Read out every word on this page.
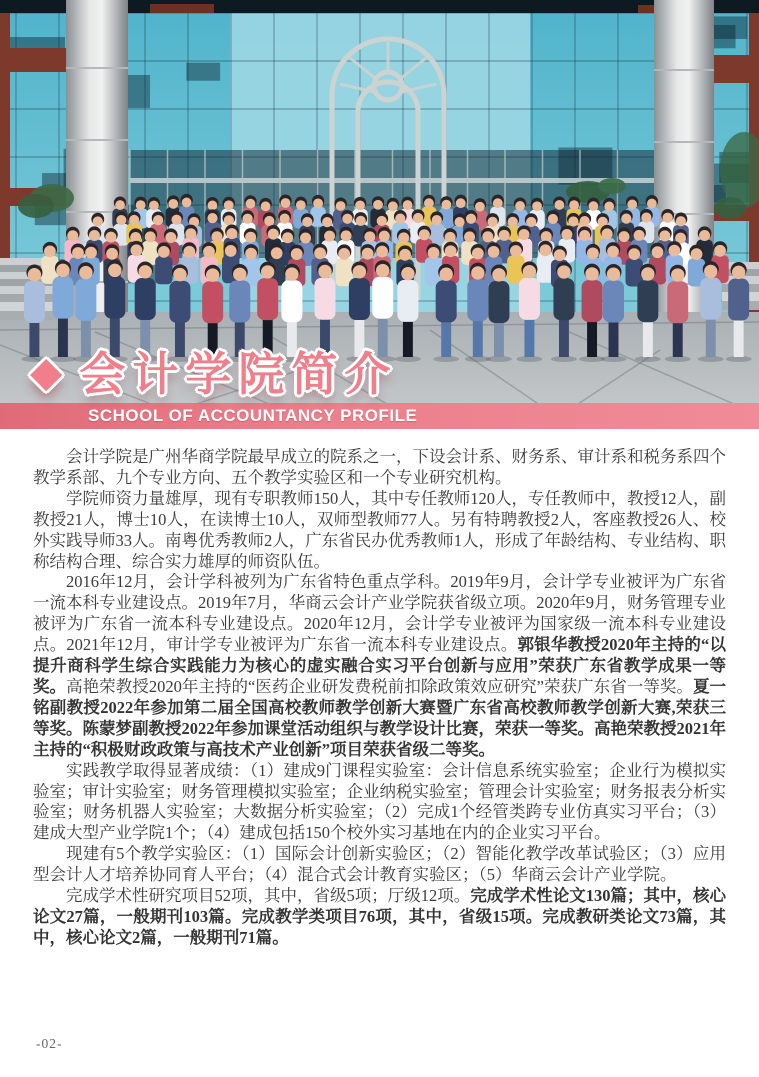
SCHOOL OF ACCOUNTANCY PROFILE
◆ 会计学院简介

会计学院是广州华商学院最早成立的院系之一，下设会计系、财务系、审计系和税务系四个教学系部、九个专业方向、五个教学实验区和一个专业研究机构。

学院师资力量雄厚，现有专职教师150人，其中专任教师120人，专任教师中，教授12人，副教授21人，博士10人，在读博士10人，双师型教师77人。另有特聘教授2人，客座教授26人、校外实践导师33人。南粤优秀教师2人，广东省民办优秀教师1人，形成了年龄结构、专业结构、职称结构合理、综合实力雄厚的师资队伍。

2016年12月，会计学科被列为广东省特色重点学科。2019年9月，会计学专业被评为广东省一流本科专业建设点。2019年7月，华商云会计产业学院获省级立项。2020年9月，财务管理专业被评为广东省一流本科专业建设点。2020年12月，会计学专业被评为国家级一流本科专业建设点。2021年12月，审计学专业被评为广东省一流本科专业建设点。郭银华教授2020年主持的“以提升商科学生综合实践能力为核心的虚实融合实习平台创新与应用”荣获广东省教学成果一等奖。高艳荣教授2020年主持的“医药企业研发费税前扣除政策效应研究”荣获广东省一等奖。夏一铭副教授2022年参加第二届全国高校教师教学创新大赛暨广东省高校教师教学创新大赛,荣获三等奖。陈蒙梦副教授2022年参加课堂活动组织与教学设计比赛，荣获一等奖。高艳荣教授2021年主持的“积极财政政策与高技术产业创新”项目荣获省级二等奖。

实践教学取得显著成绩：（1）建成9门课程实验室：会计信息系统实验室；企业行为模拟实验室；审计实验室；财务管理模拟实验室；企业纳税实验室；管理会计实验室；财务报表分析实验室；财务机器人实验室；大数据分析实验室；（2）完成1个经管类跨专业仿真实习平台；（3）建成大型产业学院1个；（4）建成包括150个校外实习基地在内的企业实习平台。

现建有5个教学实验区：（1）国际会计创新实验区；（2）智能化教学改革试验区；（3）应用型会计人才培养协同育人平台；（4）混合式会计教育实验区；（5）华商云会计产业学院。

完成学术性研究项目52项，其中，省级5项；厅级12项。完成学术性论文130篇；其中，核心论文27篇，一般期刊103篇。完成教学类项目76项，其中，省级15项。完成教研类论文73篇，其中，核心论文2篇，一般期刊71篇。

-02-
